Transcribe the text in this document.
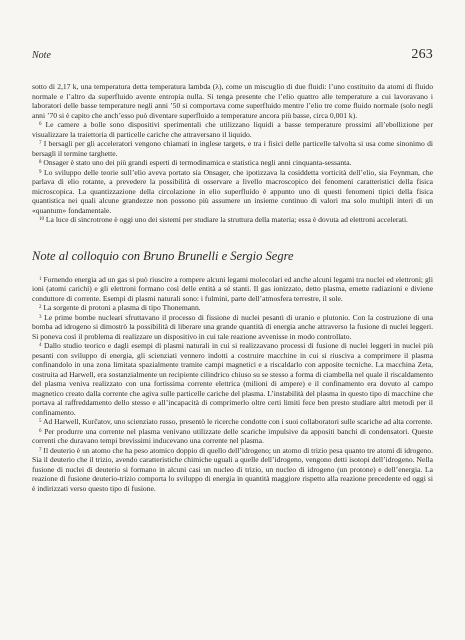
Note	263

sotto di 2,17 k, una temperatura detta temperatura lambda (λ), come un miscuglio di due fluidi: l’uno costituito da atomi di fluido normale e l’altro da superfluido avente entropia nulla. Si tenga presente che l’elio quattro alle temperature a cui lavoravano i laboratori delle basse temperature negli anni ’50 si comportava come superfluido mentre l’elio tre come fluido normale (solo negli anni ’70 si è capito che anch’esso può diventare superfluido a temperature ancora più basse, circa 0,001 k).

$^6$ Le camere a bolle sono dispositivi sperimentali che utilizzano liquidi a basse temperature prossimi all’ebollizione per visualizzare la traiettoria di particelle cariche che attraversano il liquido.

$^7$ I bersagli per gli acceleratori vengono chiamati in inglese targets, e tra i fisici delle particelle talvolta si usa come sinonimo di bersagli il termine targhette.

$^8$ Onsager è stato uno dei più grandi esperti di termodinamica e statistica negli anni cinquanta-sessanta.

$^9$ Lo sviluppo delle teorie sull’elio aveva portato sia Onsager, che ipotizzava la cosiddetta vorticità dell’elio, sia Feynman, che parlava di elio rotante, a prevedere la possibilità di osservare a livello macroscopico dei fenomeni caratteristici della fisica microscopica. La quantizzazione della circolazione in elio superfluido è appunto uno di questi fenomeni tipici della fisica quantistica nei quali alcune grandezze non possono più assumere un insieme continuo di valori ma solo multipli interi di un «quantum» fondamentale.

$^{10}$ La luce di sincrotrone è oggi uno dei sistemi per studiare la struttura della materia; essa è dovuta ad elettroni accelerati.

Note al colloquio con Bruno Brunelli e Sergio Segre

$^1$ Fornendo energia ad un gas si può riuscire a rompere alcuni legami molecolari ed anche alcuni legami tra nuclei ed elettroni; gli ioni (atomi carichi) e gli elettroni formano così delle entità a sé stanti. Il gas ionizzato, detto plasma, emette radiazioni e diviene conduttore di corrente. Esempi di plasmi naturali sono: i fulmini, parte dell’atmosfera terrestre, il sole.

$^2$ La sorgente di protoni a plasma di tipo Thonemann.

$^3$ Le prime bombe nucleari sfruttavano il processo di fissione di nuclei pesanti di uranio e plutonio. Con la costruzione di una bomba ad idrogeno si dimostrò la possibilità di liberare una grande quantità di energia anche attraverso la fusione di nuclei leggeri. Si poneva così il problema di realizzare un dispositivo in cui tale reazione avvenisse in modo controllato.

$^4$ Dallo studio teorico e dagli esempi di plasmi naturali in cui si realizzavano processi di fusione di nuclei leggeri in nuclei più pesanti con sviluppo di energia, gli scienziati vennero indotti a costruire macchine in cui si riusciva a comprimere il plasma confinandolo in una zona limitata spazialmente tramite campi magnetici e a riscaldarlo con apposite tecniche. La macchina Zeta, costruita ad Harwell, era sostanzialmente un recipiente cilindrico chiuso su se stesso a forma di ciambella nel quale il riscaldamento del plasma veniva realizzato con una fortissima corrente elettrica (milioni di ampere) e il confinamento era dovuto al campo magnetico creato dalla corrente che agiva sulle particelle cariche del plasma. L’instabilità del plasma in questo tipo di macchine che portava al raffreddamento dello stesso e all’incapacità di comprimerlo oltre certi limiti fece ben presto studiare altri metodi per il confinamento.

$^5$ Ad Harwell, Kurčatov, uno scienziato russo, presentò le ricerche condotte con i suoi collaboratori sulle scariche ad alta corrente.

$^6$ Per produrre una corrente nel plasma venivano utilizzate delle scariche impulsive da appositi banchi di condensatori. Queste correnti che duravano tempi brevissimi inducevano una corrente nel plasma.

$^7$ Il deuterio è un atomo che ha peso atomico doppio di quello dell’idrogeno; un atomo di trizio pesa quanto tre atomi di idrogeno. Sia il deuterio che il trizio, avendo caratteristiche chimiche uguali a quelle dell’idrogeno, vengono detti isotopi dell’idrogeno. Nella fusione di nuclei di deuterio si formano in alcuni casi un nucleo di trizio, un nucleo di idrogeno (un protone) e dell’energia. La reazione di fusione deuterio-trizio comporta lo sviluppo di energia in quantità maggiore rispetto alla reazione precedente ed oggi si è indirizzati verso questo tipo di fusione.
